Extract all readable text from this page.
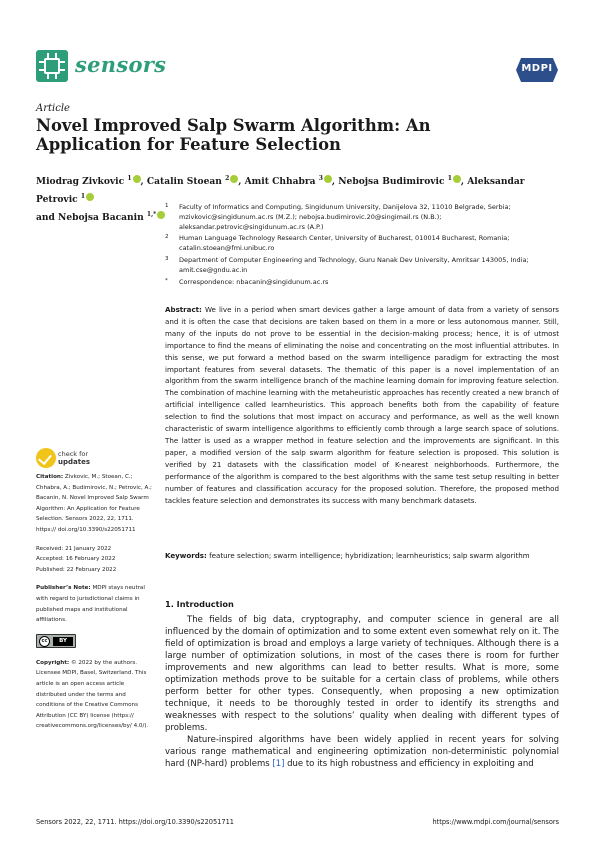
sensors	MDPI
Article
Novel Improved Salp Swarm Algorithm: An Application for Feature Selection
Miodrag Zivkovic $^1$ , Catalin Stoean $^2$ , Amit Chhabra $^3$ , Nebojsa Budimirovic $^1$ , Aleksandar Petrovic $^1$
and Nebojsa Bacanin $^{1,*}$
1 Faculty of Informatics and Computing, Singidunum University, Danijelova 32, 11010 Belgrade, Serbia; mzivkovic@singidunum.ac.rs (M.Z.); nebojsa.budimirovic.20@singimail.rs (N.B.); aleksandar.petrovic@singidunum.ac.rs (A.P.)
2 Human Language Technology Research Center, University of Bucharest, 010014 Bucharest, Romania; catalin.stoean@fmi.unibuc.ro
3 Department of Computer Engineering and Technology, Guru Nanak Dev University, Amritsar 143005, India; amit.cse@gndu.ac.in
* Correspondence: nbacanin@singidunum.ac.rs
Abstract: We live in a period when smart devices gather a large amount of data from a variety of sensors and it is often the case that decisions are taken based on them in a more or less autonomous manner. Still, many of the inputs do not prove to be essential in the decision-making process; hence, it is of utmost importance to find the means of eliminating the noise and concentrating on the most influential attributes. In this sense, we put forward a method based on the swarm intelligence paradigm for extracting the most important features from several datasets. The thematic of this paper is a novel implementation of an algorithm from the swarm intelligence branch of the machine learning domain for improving feature selection. The combination of machine learning with the metaheuristic approaches has recently created a new branch of artificial intelligence called learnheuristics. This approach benefits both from the capability of feature selection to find the solutions that most impact on accuracy and performance, as well as the well known characteristic of swarm intelligence algorithms to efficiently comb through a large search space of solutions. The latter is used as a wrapper method in feature selection and the improvements are significant. In this paper, a modified version of the salp swarm algorithm for feature selection is proposed. This solution is verified by 21 datasets with the classification model of K-nearest neighborhoods. Furthermore, the performance of the algorithm is compared to the best algorithms with the same test setup resulting in better number of features and classification accuracy for the proposed solution. Therefore, the proposed method tackles feature selection and demonstrates its success with many benchmark datasets.
Keywords: feature selection; swarm intelligence; hybridization; learnheuristics; salp swarm algorithm
check for
updates

Citation: Zivkovic, M.; Stoean, C.; Chhabra, A.; Budimirovic, N.; Petrovic, A.; Bacanin, N. Novel Improved Salp Swarm Algorithm: An Application for Feature Selection. Sensors 2022, 22, 1711. https:// doi.org/10.3390/s22051711

Received: 21 January 2022

Accepted: 16 February 2022

Published: 22 February 2022

Publisher’s Note: MDPI stays neutral with regard to jurisdictional claims in published maps and institutional affiliations.

cc	BY

Copyright: © 2022 by the authors. Licensee MDPI, Basel, Switzerland. This article is an open access article distributed under the terms and conditions of the Creative Commons Attribution (CC BY) license (https:// creativecommons.org/licenses/by/ 4.0/).

1. Introduction

The fields of big data, cryptography, and computer science in general are all influenced by the domain of optimization and to some extent even somewhat rely on it. The field of optimization is broad and employs a large variety of techniques. Although there is a large number of optimization solutions, in most of the cases there is room for further improvements and new algorithms can lead to better results. What is more, some optimization methods prove to be suitable for a certain class of problems, while others perform better for other types. Consequently, when proposing a new optimization technique, it needs to be thoroughly tested in order to identify its strengths and weaknesses with respect to the solutions’ quality when dealing with different types of problems.

Nature-inspired algorithms have been widely applied in recent years for solving various range mathematical and engineering optimization non-deterministic polynomial hard (NP-hard) problems [1] due to its high robustness and efficiency in exploiting and

Sensors 2022, 22, 1711. https://doi.org/10.3390/s22051711	https://www.mdpi.com/journal/sensors
